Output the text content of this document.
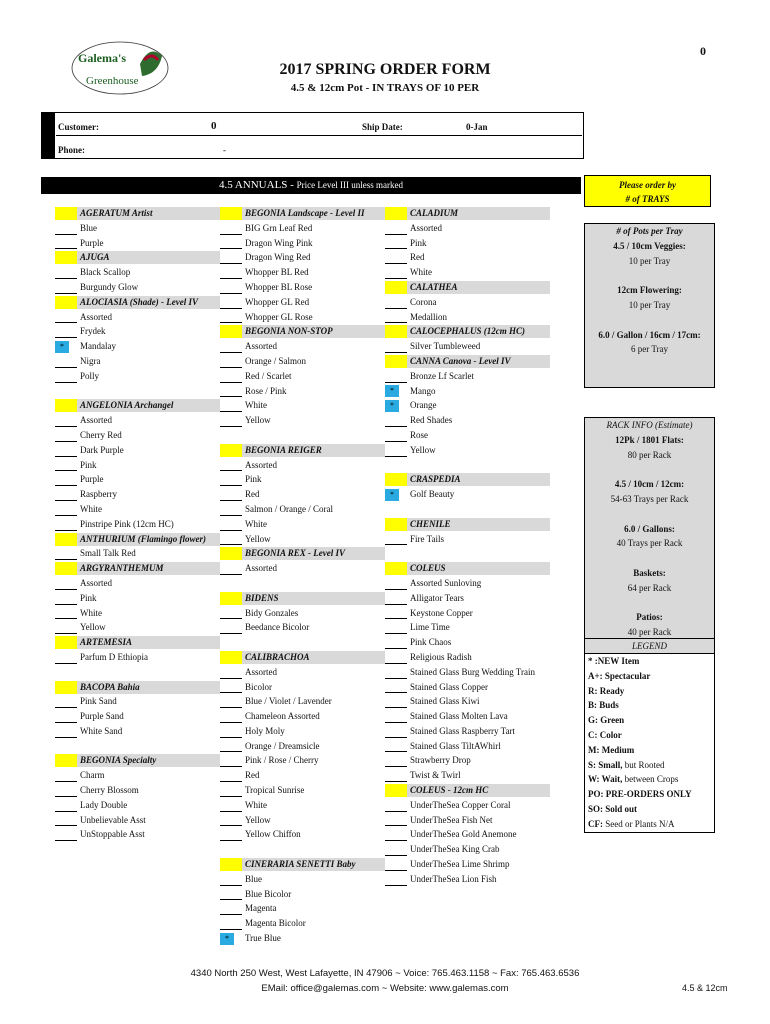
0
Galema's
Greenhouse
2017 SPRING ORDER FORM
4.5 & 12cm Pot - IN TRAYS OF 10 PER
Customer:	0	Ship Date:	0-Jan
Phone:	-
4.5 ANNUALS - Price Level III unless marked	Please order by
# of TRAYS
AGERATUM Artist
Blue
Purple
AJUGA
Black Scallop
Burgundy Glow
ALOCIASIA (Shade) - Level IV
Assorted
Frydek
*	Mandalay
Nigra
Polly
ANGELONIA Archangel
Assorted
Cherry Red
Dark Purple
Pink
Purple
Raspberry
White
Pinstripe Pink (12cm HC)
ANTHURIUM (Flamingo flower)
Small Talk Red
ARGYRANTHEMUM
Assorted
Pink
White
Yellow
ARTEMESIA
Parfum D Ethiopia
BACOPA Bahia
Pink Sand
Purple Sand
White Sand
BEGONIA Specialty
Charm
Cherry Blossom
Lady Double
Unbelievable Asst
UnStoppable Asst
BEGONIA Landscape - Level II
BIG Grn Leaf Red
Dragon Wing Pink
Dragon Wing Red
Whopper BL Red
Whopper BL Rose
Whopper GL Red
Whopper GL Rose
BEGONIA NON-STOP
Assorted
Orange / Salmon
Red / Scarlet
Rose / Pink
White
Yellow
BEGONIA REIGER
Assorted
Pink
Red
Salmon / Orange / Coral
White
Yellow
BEGONIA REX - Level IV
Assorted
BIDENS
Bidy Gonzales
Beedance Bicolor
CALIBRACHOA
Assorted
Bicolor
Blue / Violet / Lavender
Chameleon Assorted
Holy Moly
Orange / Dreamsicle
Pink / Rose / Cherry
Red
Tropical Sunrise
White
Yellow
Yellow Chiffon
CINERARIA SENETTI Baby
Blue
Blue Bicolor
Magenta
Magenta Bicolor
*	True Blue
CALADIUM
Assorted
Pink
Red
White
CALATHEA
Corona
Medallion
CALOCEPHALUS (12cm HC)
Silver Tumbleweed
CANNA Canova - Level IV
Bronze Lf Scarlet
*	Mango
*	Orange
Red Shades
Rose
Yellow
CRASPEDIA
*	Golf Beauty
CHENILE
Fire Tails
COLEUS
Assorted Sunloving
Alligator Tears
Keystone Copper
Lime Time
Pink Chaos
Religious Radish
Stained Glass Burg Wedding Train
Stained Glass Copper
Stained Glass Kiwi
Stained Glass Molten Lava
Stained Glass Raspberry Tart
Stained Glass TiltAWhirl
Strawberry Drop
Twist & Twirl
COLEUS - 12cm HC
UnderTheSea Copper Coral
UnderTheSea Fish Net
UnderTheSea Gold Anemone
UnderTheSea King Crab
UnderTheSea Lime Shrimp
UnderTheSea Lion Fish
# of Pots per Tray
4.5 / 10cm Veggies:
10 per Tray
12cm Flowering:
10 per Tray
6.0 / Gallon / 16cm / 17cm:
6 per Tray
RACK INFO (Estimate)
12Pk / 1801 Flats:
80 per Rack
4.5 / 10cm / 12cm:
54-63 Trays per Rack
6.0 / Gallons:
40 Trays per Rack
Baskets:
64 per Rack
Patios:
40 per Rack
LEGEND
* :NEW Item
A+: Spectacular
R: Ready
B: Buds
G: Green
C: Color
M: Medium
S: Small, but Rooted
W: Wait, between Crops
PO: PRE-ORDERS ONLY
SO: Sold out
CF: Seed or Plants N/A
4340 North 250 West, West Lafayette, IN 47906 ~ Voice: 765.463.1158 ~ Fax: 765.463.6536
EMail: office@galemas.com ~ Website: www.galemas.com	4.5 & 12cm
